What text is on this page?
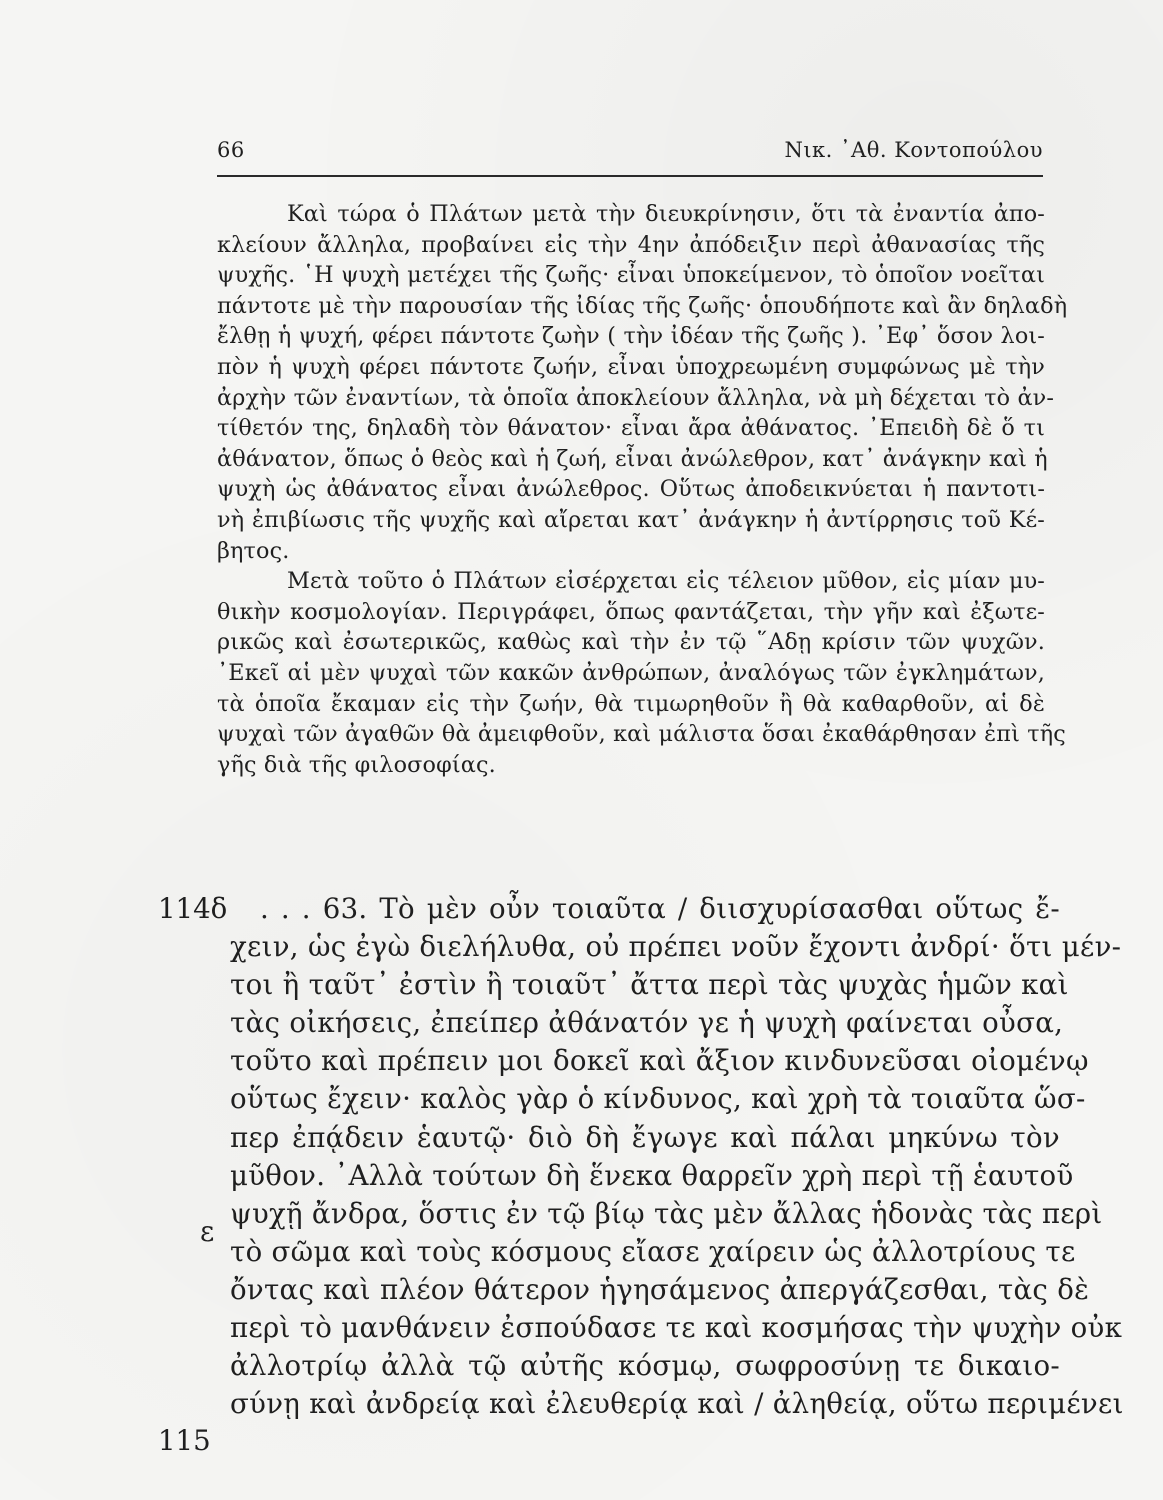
66	Νικ. ᾿Αθ. Κοντοπούλου
Καὶ τώρα ὁ Πλάτων μετὰ τὴν διευκρίνησιν, ὅτι τὰ ἐναντία ἀπο-
κλείουν ἄλληλα, προβαίνει εἰς τὴν 4ην ἀπόδειξιν περὶ ἀθανασίας τῆς
ψυχῆς. ῾Η ψυχὴ μετέχει τῆς ζωῆς· εἶναι ὑποκείμενον, τὸ ὁποῖον νοεῖται
πάντοτε μὲ τὴν παρουσίαν τῆς ἰδίας τῆς ζωῆς· ὁπουδήποτε καὶ ἂν δηλαδὴ
ἔλθῃ ἡ ψυχή, φέρει πάντοτε ζωὴν ( τὴν ἰδέαν τῆς ζωῆς ). ᾿Εφ᾿ ὅσον λοι-
πὸν ἡ ψυχὴ φέρει πάντοτε ζωήν, εἶναι ὑποχρεωμένη συμφώνως μὲ τὴν
ἀρχὴν τῶν ἐναντίων, τὰ ὁποῖα ἀποκλείουν ἄλληλα, νὰ μὴ δέχεται τὸ ἀν-
τίθετόν της, δηλαδὴ τὸν θάνατον· εἶναι ἄρα ἀθάνατος. ᾿Επειδὴ δὲ ὅ τι
ἀθάνατον, ὅπως ὁ θεὸς καὶ ἡ ζωή, εἶναι ἀνώλεθρον, κατ᾿ ἀνάγκην καὶ ἡ
ψυχὴ ὡς ἀθάνατος εἶναι ἀνώλεθρος. Οὕτως ἀποδεικνύεται ἡ παντοτι-
νὴ ἐπιβίωσις τῆς ψυχῆς καὶ αἴρεται κατ᾿ ἀνάγκην ἡ ἀντίρρησις τοῦ Κέ-
βητος.
Μετὰ τοῦτο ὁ Πλάτων εἰσέρχεται εἰς τέλειον μῦθον, εἰς μίαν μυ-
θικὴν κοσμολογίαν. Περιγράφει, ὅπως φαντάζεται, τὴν γῆν καὶ ἐξωτε-
ρικῶς καὶ ἐσωτερικῶς, καθὼς καὶ τὴν ἐν τῷ ῞Αδῃ κρίσιν τῶν ψυχῶν.
᾿Εκεῖ αἱ μὲν ψυχαὶ τῶν κακῶν ἀνθρώπων, ἀναλόγως τῶν ἐγκλημάτων,
τὰ ὁποῖα ἔκαμαν εἰς τὴν ζωήν, θὰ τιμωρηθοῦν ἢ θὰ καθαρθοῦν, αἱ δὲ
ψυχαὶ τῶν ἀγαθῶν θὰ ἀμειφθοῦν, καὶ μάλιστα ὅσαι ἐκαθάρθησαν ἐπὶ τῆς
γῆς διὰ τῆς φιλοσοφίας.
114δ
ε
115
. . . 63. Τὸ μὲν οὖν τοιαῦτα / διισχυρίσασθαι οὕτως ἔ-
χειν, ὡς ἐγὼ διελήλυθα, οὐ πρέπει νοῦν ἔχοντι ἀνδρί· ὅτι μέν-
τοι ἢ ταῦτ᾿ ἐστὶν ἢ τοιαῦτ᾿ ἄττα περὶ τὰς ψυχὰς ἡμῶν καὶ
τὰς οἰκήσεις, ἐπείπερ ἀθάνατόν γε ἡ ψυχὴ φαίνεται οὖσα,
τοῦτο καὶ πρέπειν μοι δοκεῖ καὶ ἄξιον κινδυνεῦσαι οἰομένῳ
οὕτως ἔχειν· καλὸς γὰρ ὁ κίνδυνος, καὶ χρὴ τὰ τοιαῦτα ὥσ-
περ ἐπᾴδειν ἑαυτῷ· διὸ δὴ ἔγωγε καὶ πάλαι μηκύνω τὸν
μῦθον. ᾿Αλλὰ τούτων δὴ ἕνεκα θαρρεῖν χρὴ περὶ τῇ ἑαυτοῦ
ψυχῇ ἄνδρα, ὅστις ἐν τῷ βίῳ τὰς μὲν ἄλλας ἡδονὰς τὰς περὶ
τὸ σῶμα καὶ τοὺς κόσμους εἴασε χαίρειν ὡς ἀλλοτρίους τε
ὄντας καὶ πλέον θάτερον ἡγησάμενος ἀπεργάζεσθαι, τὰς δὲ
περὶ τὸ μανθάνειν ἐσπούδασε τε καὶ κοσμήσας τὴν ψυχὴν οὐκ
ἀλλοτρίῳ ἀλλὰ τῷ αὐτῆς κόσμῳ, σωφροσύνῃ τε δικαιο-
σύνῃ καὶ ἀνδρείᾳ καὶ ἐλευθερίᾳ καὶ / ἀληθείᾳ, οὕτω περιμένει
